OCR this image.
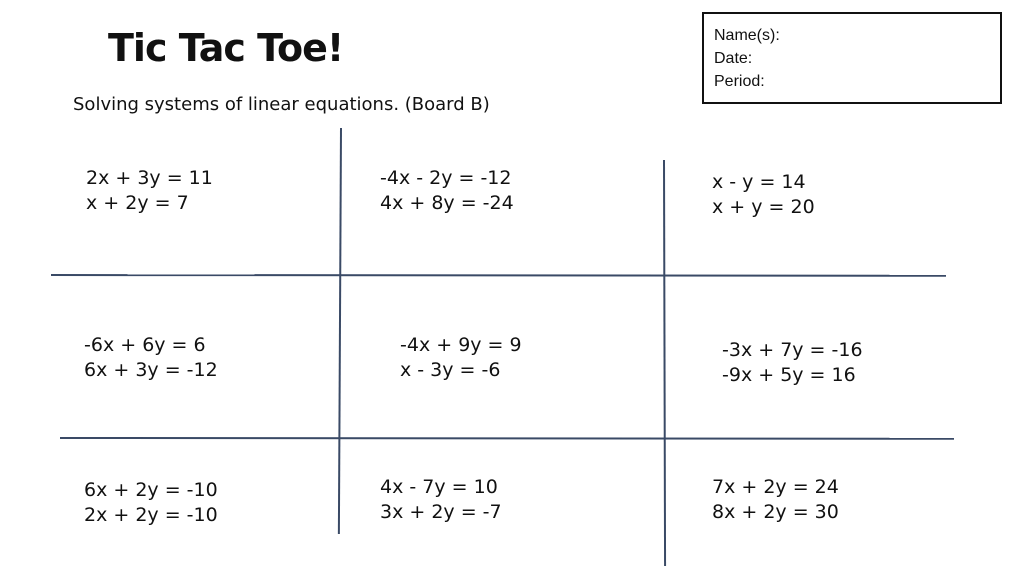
Tic Tac Toe!
Solving systems of linear equations. (Board B)
Name(s):
Date:
Period:
2x + 3y = 11
x + 2y = 7
-4x - 2y = -12
4x + 8y = -24
x - y = 14
x + y = 20
-6x + 6y = 6
6x + 3y = -12
-4x + 9y = 9
x - 3y = -6
-3x + 7y = -16
-9x + 5y = 16
6x + 2y = -10
2x + 2y = -10
4x - 7y = 10
3x + 2y = -7
7x + 2y = 24
8x + 2y = 30
